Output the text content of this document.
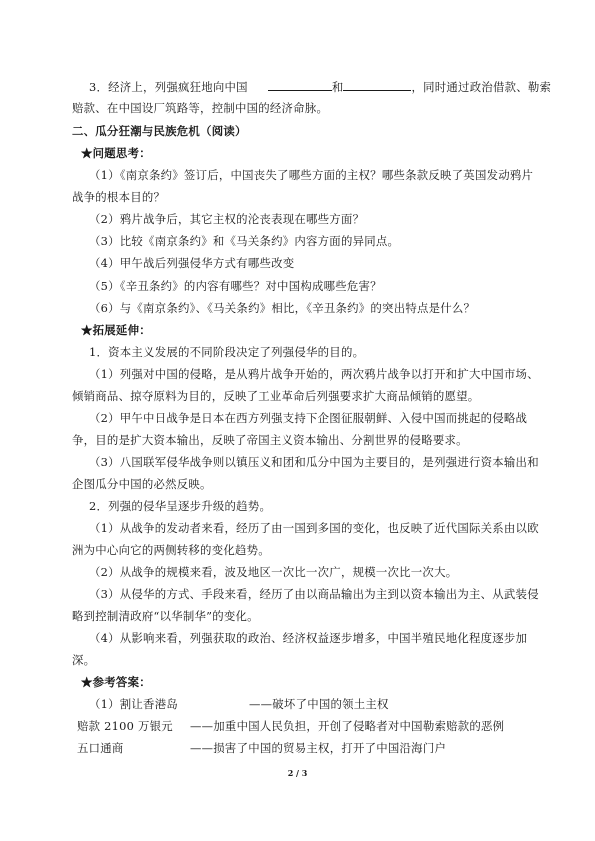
3．经济上，列强疯狂地向中国	和	，同时通过政治借款、勒索
赔款、在中国设厂筑路等，控制中国的经济命脉。
二、瓜分狂潮与民族危机（阅读）
★问题思考：
（1）《南京条约》签订后，中国丧失了哪些方面的主权？哪些条款反映了英国发动鸦片
战争的根本目的？
（2）鸦片战争后，其它主权的沦丧表现在哪些方面？
（3）比较《南京条约》和《马关条约》内容方面的异同点。
（4）甲午战后列强侵华方式有哪些改变
（5）《辛丑条约》的内容有哪些？对中国构成哪些危害？
（6）与《南京条约》、《马关条约》相比，《辛丑条约》的突出特点是什么？
★拓展延伸：
1．资本主义发展的不同阶段决定了列强侵华的目的。
（1）列强对中国的侵略，是从鸦片战争开始的，两次鸦片战争以打开和扩大中国市场、
倾销商品、掠夺原料为目的，反映了工业革命后列强要求扩大商品倾销的愿望。
（2）甲午中日战争是日本在西方列强支持下企图征服朝鲜、入侵中国而挑起的侵略战
争，目的是扩大资本输出，反映了帝国主义资本输出、分割世界的侵略要求。
（3）八国联军侵华战争则以镇压义和团和瓜分中国为主要目的，是列强进行资本输出和
企图瓜分中国的必然反映。
2．列强的侵华呈逐步升级的趋势。
（1）从战争的发动者来看，经历了由一国到多国的变化，也反映了近代国际关系由以欧
洲为中心向它的两侧转移的变化趋势。
（2）从战争的规模来看，波及地区一次比一次广，规模一次比一次大。
（3）从侵华的方式、手段来看，经历了由以商品输出为主到以资本输出为主、从武装侵
略到控制清政府“以华制华”的变化。
（4）从影响来看，列强获取的政治、经济权益逐步增多，中国半殖民地化程度逐步加
深。
★参考答案：
（1）割让香港岛	——破坏了中国的领土主权
赔款 2100 万银元 ——加重中国人民负担，开创了侵略者对中国勒索赔款的恶例
五口通商	——损害了中国的贸易主权，打开了中国沿海门户
2 / 3
